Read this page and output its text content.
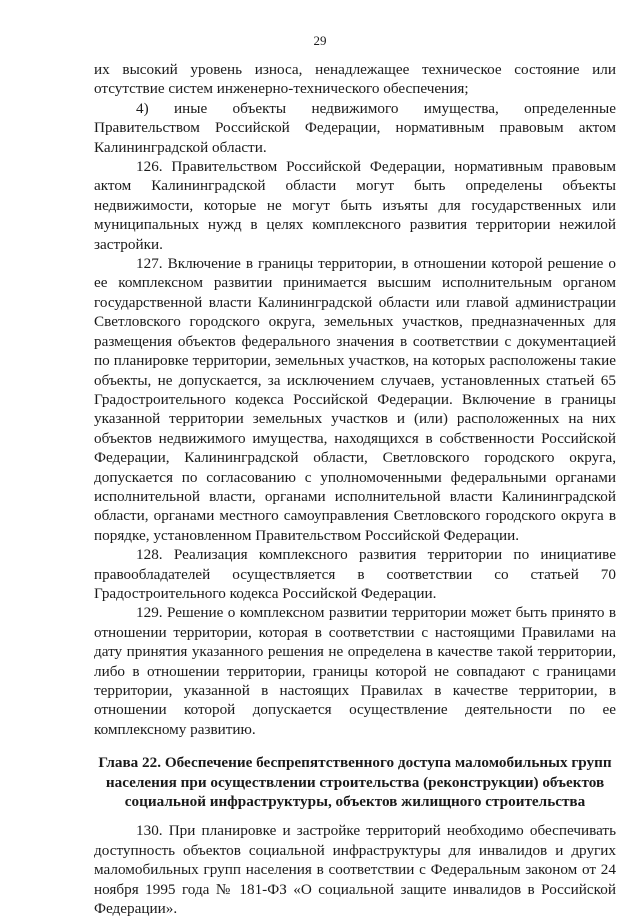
29

их высокий уровень износа, ненадлежащее техническое состояние или отсутствие систем инженерно-технического обеспечения;

4) иные объекты недвижимого имущества, определенные Правительством Российской Федерации, нормативным правовым актом Калининградской области.

126. Правительством Российской Федерации, нормативным правовым актом Калининградской области могут быть определены объекты недвижимости, которые не могут быть изъяты для государственных или муниципальных нужд в целях комплексного развития территории нежилой застройки.

127. Включение в границы территории, в отношении которой решение о ее комплексном развитии принимается высшим исполнительным органом государственной власти Калининградской области или главой администрации Светловского городского округа, земельных участков, предназначенных для размещения объектов федерального значения в соответствии с документацией по планировке территории, земельных участков, на которых расположены такие объекты, не допускается, за исключением случаев, установленных статьей 65 Градостроительного кодекса Российской Федерации. Включение в границы указанной территории земельных участков и (или) расположенных на них объектов недвижимого имущества, находящихся в собственности Российской Федерации, Калининградской области, Светловского городского округа, допускается по согласованию с уполномоченными федеральными органами исполнительной власти, органами исполнительной власти Калининградской области, органами местного самоуправления Светловского городского округа в порядке, установленном Правительством Российской Федерации.

128. Реализация комплексного развития территории по инициативе правообладателей осуществляется в соответствии со статьей 70 Градостроительного кодекса Российской Федерации.

129. Решение о комплексном развитии территории может быть принято в отношении территории, которая в соответствии с настоящими Правилами на дату принятия указанного решения не определена в качестве такой территории, либо в отношении территории, границы которой не совпадают с границами территории, указанной в настоящих Правилах в качестве территории, в отношении которой допускается осуществление деятельности по ее комплексному развитию.

Глава 22. Обеспечение беспрепятственного доступа маломобильных групп населения при осуществлении строительства (реконструкции) объектов социальной инфраструктуры, объектов жилищного строительства

130. При планировке и застройке территорий необходимо обеспечивать доступность объектов социальной инфраструктуры для инвалидов и других маломобильных групп населения в соответствии с Федеральным законом от 24 ноября 1995 года № 181-ФЗ «О социальной защите инвалидов в Российской Федерации».
